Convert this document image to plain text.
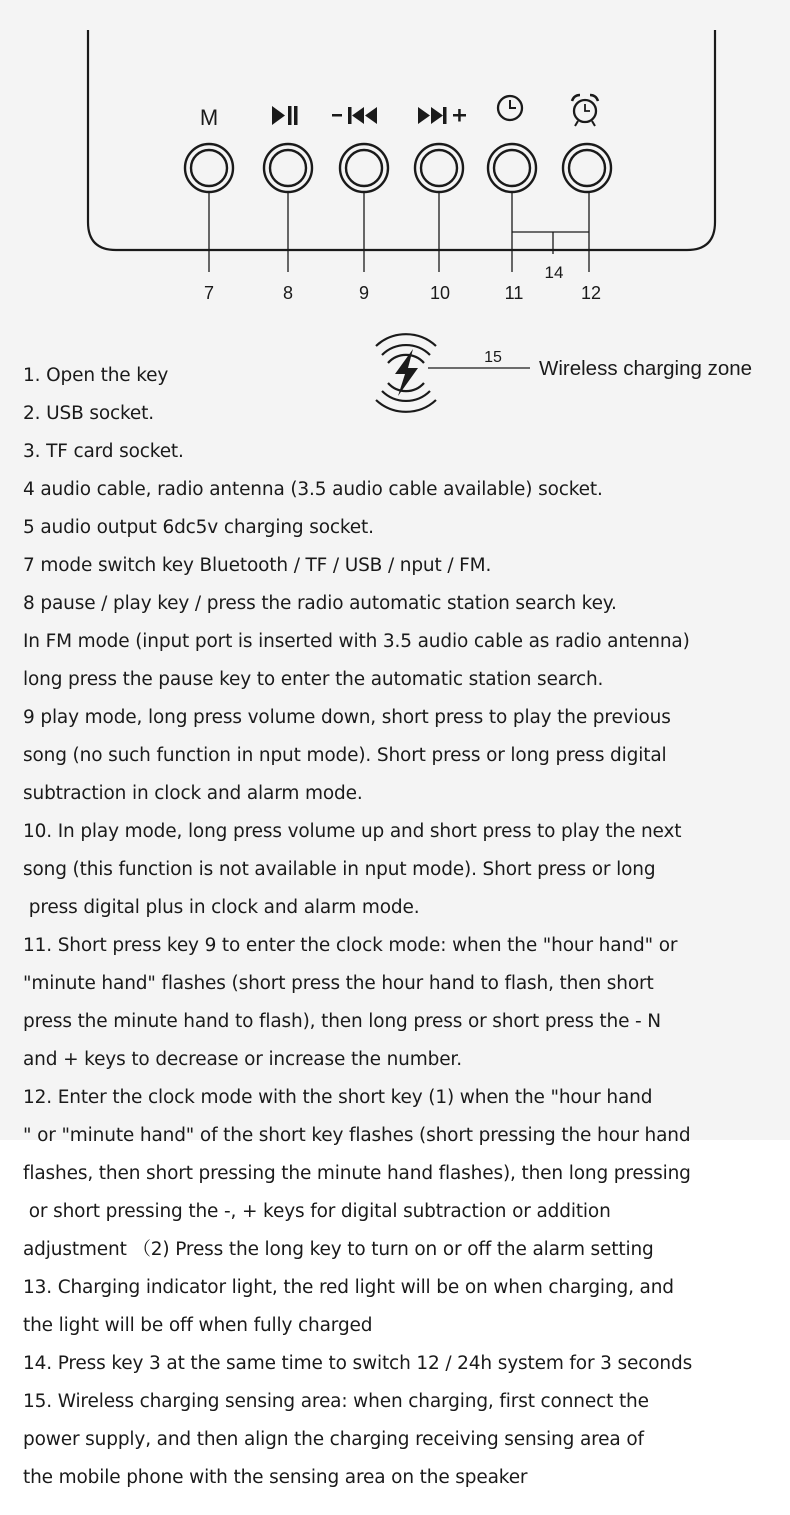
M
7	8	9	10	11	12
14
15 Wireless charging zone
1. Open the key
2. USB socket.
3. TF card socket.
4 audio cable, radio antenna (3.5 audio cable available) socket.
5 audio output 6dc5v charging socket.
7 mode switch key Bluetooth / TF / USB / nput / FM.
8 pause / play key / press the radio automatic station search key.
In FM mode (input port is inserted with 3.5 audio cable as radio antenna)
long press the pause key to enter the automatic station search.
9 play mode, long press volume down, short press to play the previous
song (no such function in nput mode). Short press or long press digital
subtraction in clock and alarm mode.
10. In play mode, long press volume up and short press to play the next
song (this function is not available in nput mode). Short press or long
press digital plus in clock and alarm mode.
11. Short press key 9 to enter the clock mode: when the "hour hand" or
"minute hand" flashes (short press the hour hand to flash, then short
press the minute hand to flash), then long press or short press the - N
and + keys to decrease or increase the number.
12. Enter the clock mode with the short key (1) when the "hour hand
" or "minute hand" of the short key flashes (short pressing the hour hand
flashes, then short pressing the minute hand flashes), then long pressing
or short pressing the -, + keys for digital subtraction or addition
adjustment （2) Press the long key to turn on or off the alarm setting
13. Charging indicator light, the red light will be on when charging, and
the light will be off when fully charged
14. Press key 3 at the same time to switch 12 / 24h system for 3 seconds
15. Wireless charging sensing area: when charging, first connect the
power supply, and then align the charging receiving sensing area of
the mobile phone with the sensing area on the speaker
